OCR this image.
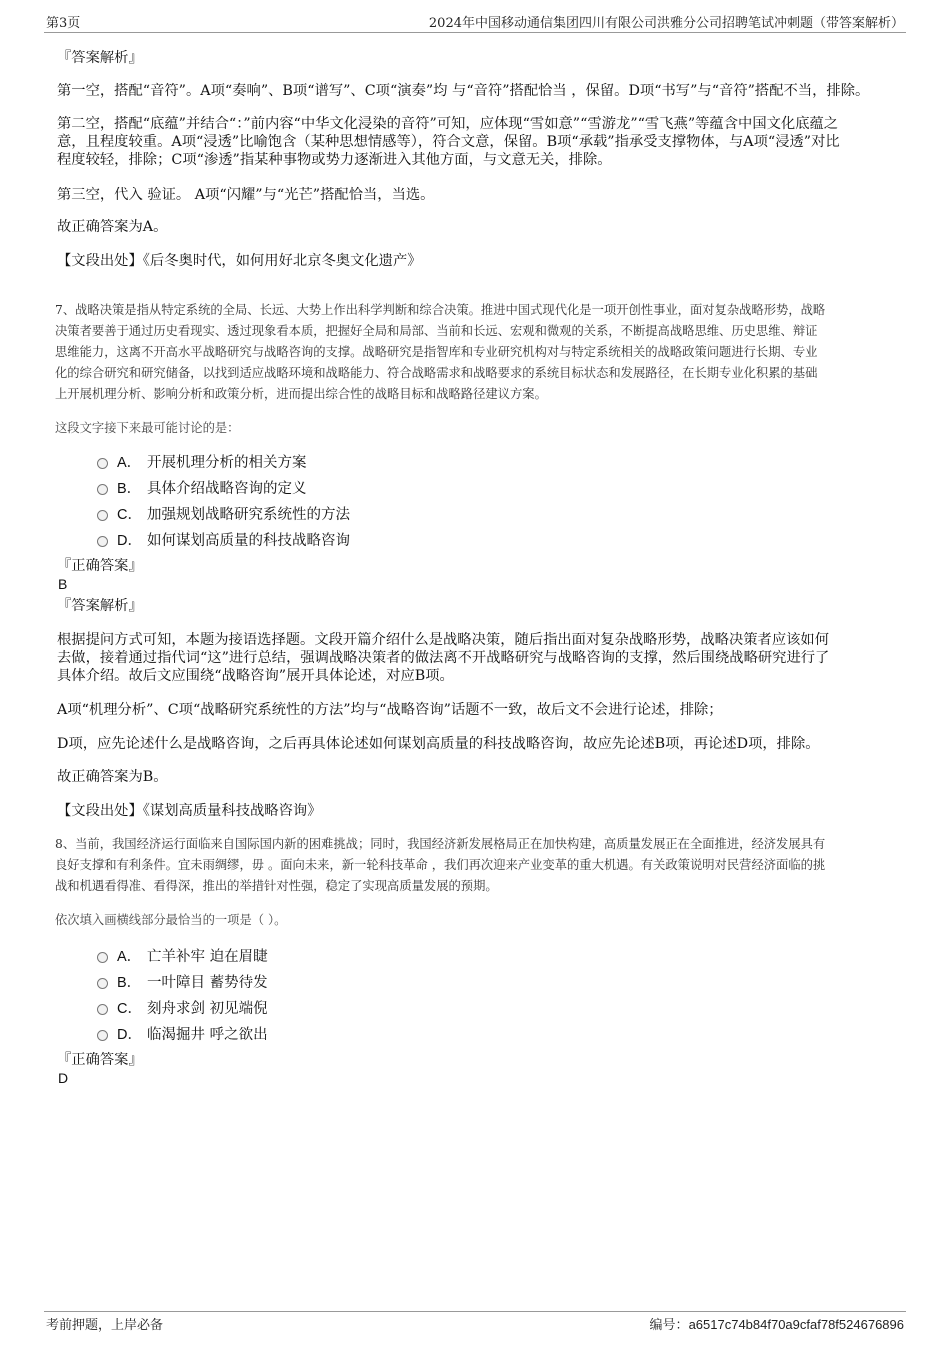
第3页	2024年中国移动通信集团四川有限公司洪雅分公司招聘笔试冲刺题（带答案解析）

『答案解析』

第一空，搭配“音符”。A项“奏响”、B项“谱写”、C项“演奏”均 与“音符”搭配恰当 ，保留。D项“书写”与“音符”搭配不当，排除。

第二空，搭配“底蕴”并结合“：”前内容“中华文化浸染的音符”可知，应体现“雪如意”“雪游龙”“雪飞燕”等蕴含中国文化底蕴之

意，且程度较重。A项“浸透”比喻饱含（某种思想情感等），符合文意，保留。B项“承载”指承受支撑物体，与A项“浸透”对比

程度较轻，排除；C项“渗透”指某种事物或势力逐渐进入其他方面，与文意无关，排除。

第三空，代入 验证。 A项“闪耀”与“光芒”搭配恰当，当选。

故正确答案为A。

【文段出处】《后冬奥时代，如何用好北京冬奥文化遗产》

7、战略决策是指从特定系统的全局、长远、大势上作出科学判断和综合决策。推进中国式现代化是一项开创性事业，面对复杂战略形势，战略

决策者要善于通过历史看现实、透过现象看本质，把握好全局和局部、当前和长远、宏观和微观的关系，不断提高战略思维、历史思维、辩证

思维能力，这离不开高水平战略研究与战略咨询的支撑。战略研究是指智库和专业研究机构对与特定系统相关的战略政策问题进行长期、专业

化的综合研究和研究储备，以找到适应战略环境和战略能力、符合战略需求和战略要求的系统目标状态和发展路径，在长期专业化积累的基础

上开展机理分析、影响分析和政策分析，进而提出综合性的战略目标和战略路径建议方案。

这段文字接下来最可能讨论的是：

A． 开展机理分析的相关方案
B． 具体介绍战略咨询的定义
C． 加强规划战略研究系统性的方法
D． 如何谋划高质量的科技战略咨询

『正确答案』

B

『答案解析』

根据提问方式可知，本题为接语选择题。文段开篇介绍什么是战略决策，随后指出面对复杂战略形势，战略决策者应该如何

去做，接着通过指代词“这”进行总结，强调战略决策者的做法离不开战略研究与战略咨询的支撑，然后围绕战略研究进行了

具体介绍。故后文应围绕“战略咨询”展开具体论述，对应B项。

A项“机理分析”、C项“战略研究系统性的方法”均与“战略咨询”话题不一致，故后文不会进行论述，排除；

D项，应先论述什么是战略咨询，之后再具体论述如何谋划高质量的科技战略咨询，故应先论述B项，再论述D项，排除。

故正确答案为B。

【文段出处】《谋划高质量科技战略咨询》

8、当前，我国经济运行面临来自国际国内新的困难挑战；同时，我国经济新发展格局正在加快构建，高质量发展正在全面推进，经济发展具有

良好支撑和有利条件。宜未雨绸缪，毋 。面向未来，新一轮科技革命 ，我们再次迎来产业变革的重大机遇。有关政策说明对民营经济面临的挑

战和机遇看得准、看得深，推出的举措针对性强，稳定了实现高质量发展的预期。

依次填入画横线部分最恰当的一项是（ ）。

A． 亡羊补牢 迫在眉睫
B． 一叶障目 蓄势待发
C． 刻舟求剑 初见端倪
D． 临渴掘井 呼之欲出

『正确答案』

D
考前押题，上岸必备	编号：a6517c74b84f70a9cfaf78f524676896
